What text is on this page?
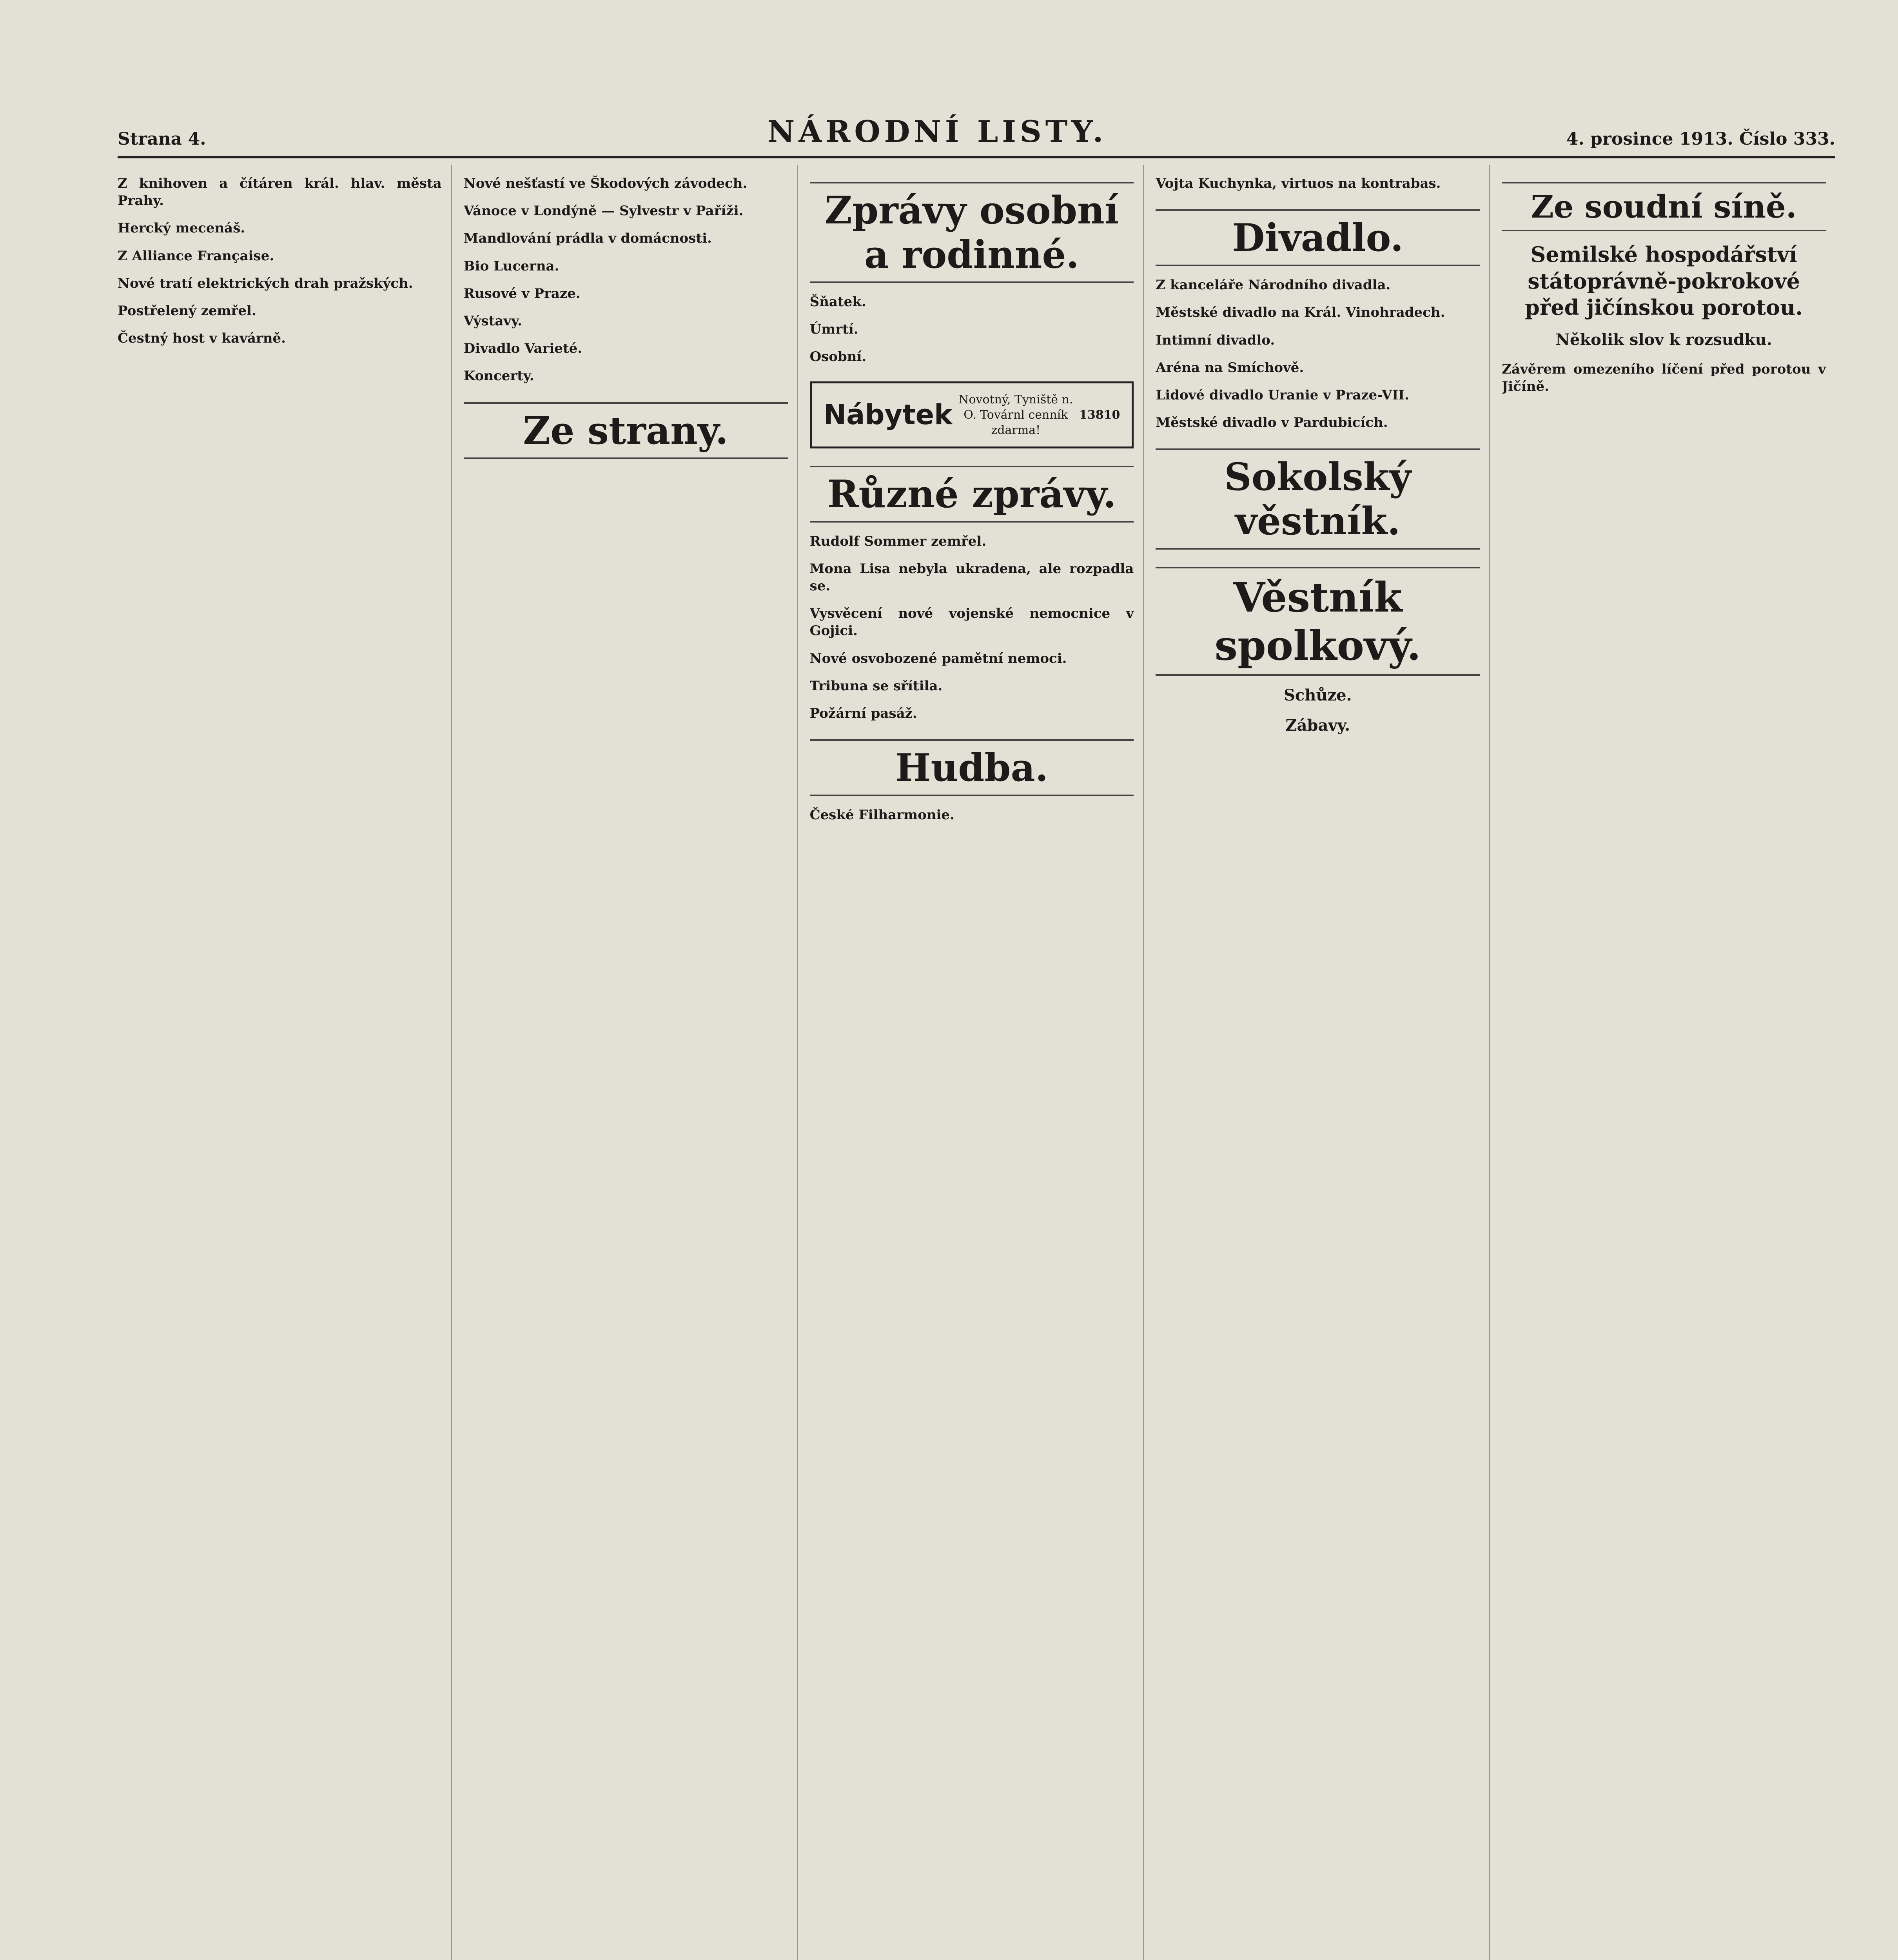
Strana 4.	NÁRODNÍ LISTY.	4. prosince 1913. Číslo 333.
Z knihoven a čítáren král. hlav. města Prahy.
Hercký mecenáš.
Z Alliance Française.
Nové tratí elektrických drah pražských.
Postřelený zemřel.
Čestný host v kavárně.
Nové nešťastí ve Škodových závodech.
Vánoce v Londýně — Sylvestr v Paříži.
Mandlování prádla v domácnosti.
Bio Lucerna.
Rusové v Praze.
Výstavy.
Divadlo Varieté.
Koncerty.
Ze strany.
Zprávy osobní a rodinné.
Šňatek.
Úmrtí.
Osobní.
Nábytek Novotný, Tyniště n. O. Továrnl cenník zdarma!
13810
Různé zprávy.
Rudolf Sommer zemřel.
Mona Lisa nebyla ukradena, ale rozpadla se.
Vysvěcení nové vojenské nemocnice v Gojici.
Nové osvobozené pamětní nemoci.
Tribuna se sřítila.
Požární pasáž.
Hudba.
České Filharmonie.
Vojta Kuchynka, virtuos na kontrabas.
Divadlo.
Z kanceláře Národního divadla.
Městské divadlo na Král. Vinohradech.
Intimní divadlo.
Aréna na Smíchově.
Lidové divadlo Uranie v Praze-VII.
Městské divadlo v Pardubicích.
Sokolský věstník.
Věstník spolkový.
Schůze.
Zábavy.
Ze soudní síně.
Semilské hospodářství státoprávně-pokrokové před jičínskou porotou.
Několik slov k rozsudku.
Závěrem omezeního líčení před porotou v Jičíně.
